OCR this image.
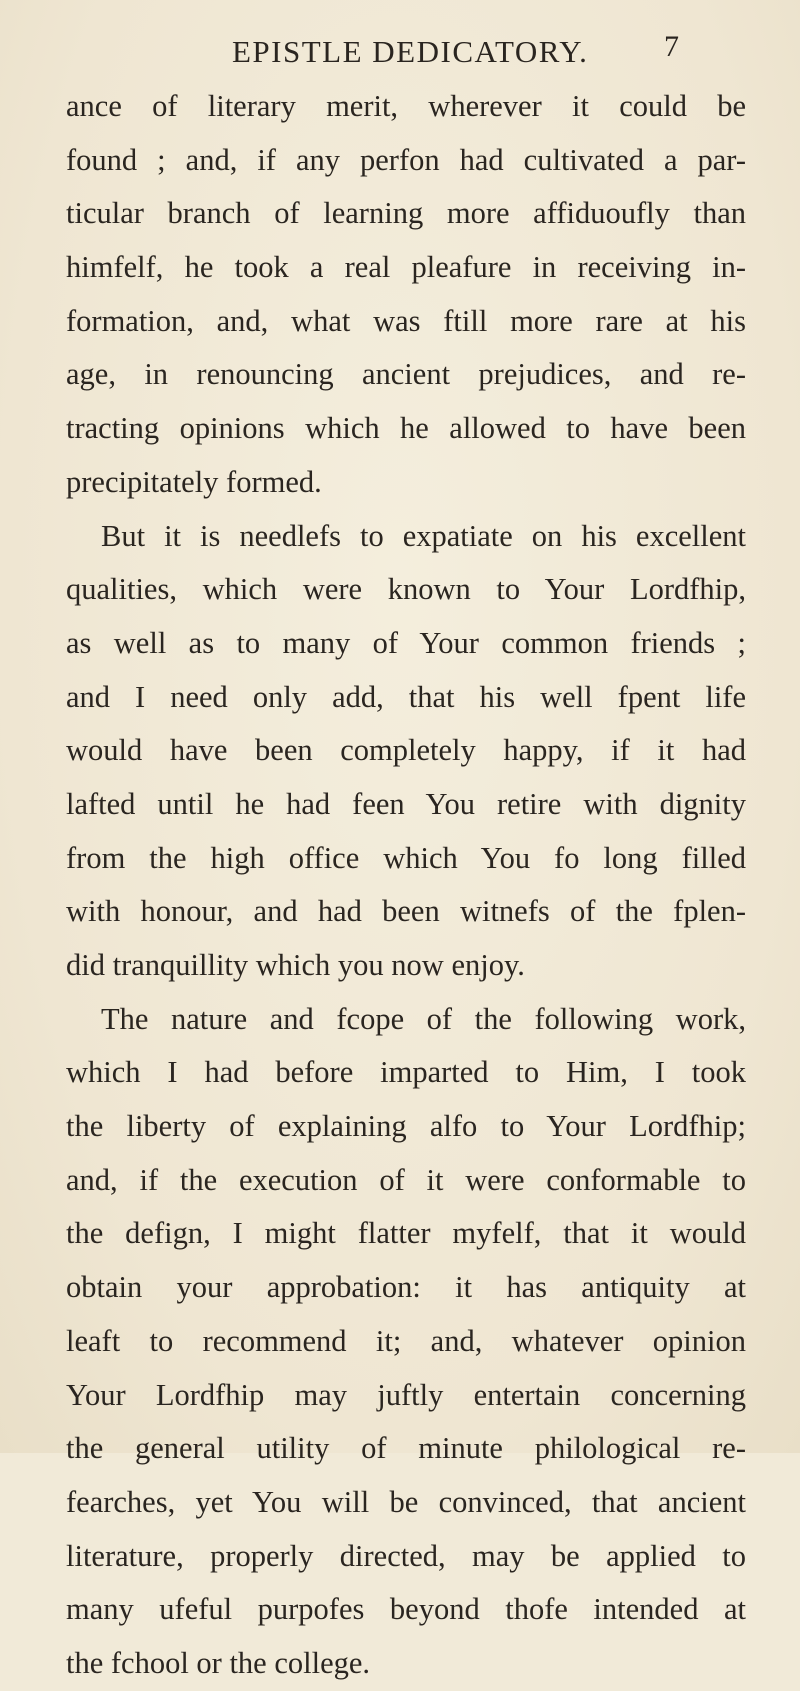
EPISTLE DEDICATORY.	7
ance of literary merit, wherever it could be
found ; and, if any perfon had cultivated a par-
ticular branch of learning more affiduoufly than
himfelf, he took a real pleafure in receiving in-
formation, and, what was ftill more rare at his
age, in renouncing ancient prejudices, and re-
tracting opinions which he allowed to have been
precipitately formed.
But it is needlefs to expatiate on his excellent
qualities, which were known to Your Lordfhip,
as well as to many of Your common friends ;
and I need only add, that his well fpent life
would have been completely happy, if it had
lafted until he had feen You retire with dignity
from the high office which You fo long filled
with honour, and had been witnefs of the fplen-
did tranquillity which you now enjoy.
The nature and fcope of the following work,
which I had before imparted to Him, I took
the liberty of explaining alfo to Your Lordfhip;
and, if the execution of it were conformable to
the defign, I might flatter myfelf, that it would
obtain your approbation: it has antiquity at
leaft to recommend it; and, whatever opinion
Your Lordfhip may juftly entertain concerning
the general utility of minute philological re-
fearches, yet You will be convinced, that ancient
literature, properly directed, may be applied to
many ufeful purpofes beyond thofe intended at
the fchool or the college.
